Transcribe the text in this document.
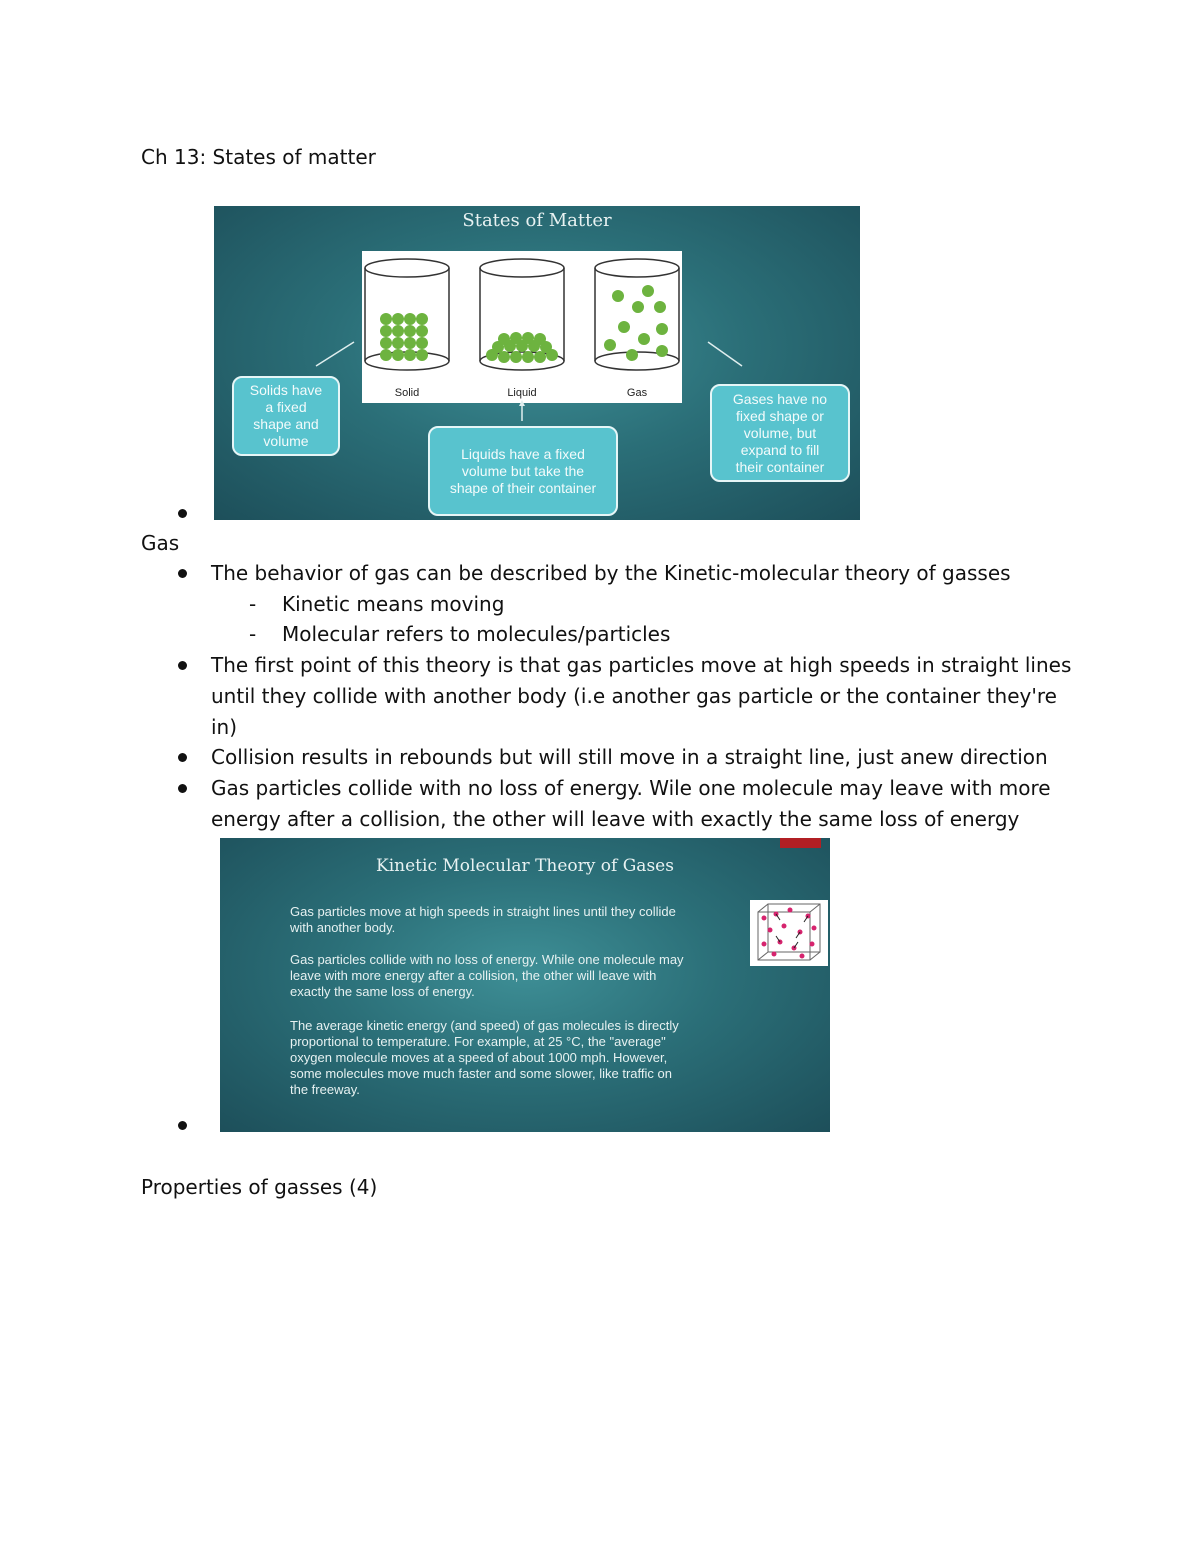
Ch 13: States of matter
States of Matter
Solid	Liquid	Gas
Solids have
a fixed
shape and
volume
Liquids have a fixed
volume but take the
shape of their container
Gases have no
fixed shape or
volume, but
expand to fill
their container
Gas
The behavior of gas can be described by the Kinetic-molecular theory of gasses
- Kinetic means moving
- Molecular refers to molecules/particles
The first point of this theory is that gas particles move at high speeds in straight lines
until they collide with another body (i.e another gas particle or the container they're
in)
Collision results in rebounds but will still move in a straight line, just anew direction
Gas particles collide with no loss of energy. Wile one molecule may leave with more
energy after a collision, the other will leave with exactly the same loss of energy
Kinetic Molecular Theory of Gases
Gas particles move at high speeds in straight lines until they collide
with another body.
Gas particles collide with no loss of energy. While one molecule may
leave with more energy after a collision, the other will leave with
exactly the same loss of energy.
The average kinetic energy (and speed) of gas molecules is directly
proportional to temperature. For example, at 25 °C, the "average"
oxygen molecule moves at a speed of about 1000 mph. However,
some molecules move much faster and some slower, like traffic on
the freeway.
Properties of gasses (4)
